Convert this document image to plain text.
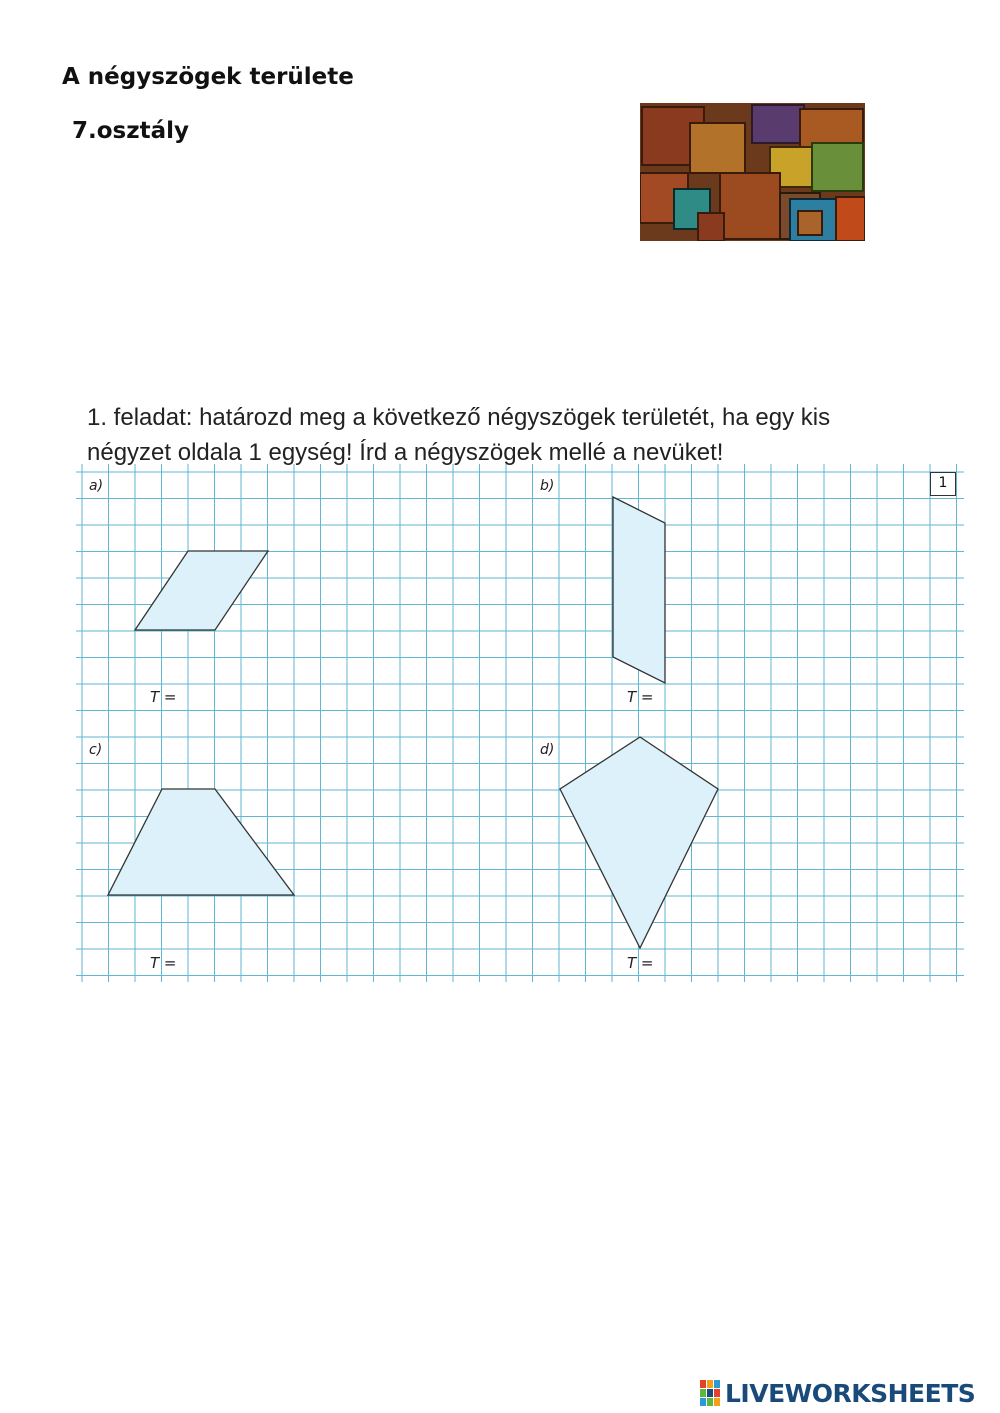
A négyszögek területe
7.osztály

1. feladat: határozd meg a következő négyszögek területét, ha egy kis
négyzet oldala 1 egység! Írd a négyszögek mellé a nevüket!

a)	b)
c)	d)
T =	T =
T =	T =
1
LIVEWORKSHEETS
